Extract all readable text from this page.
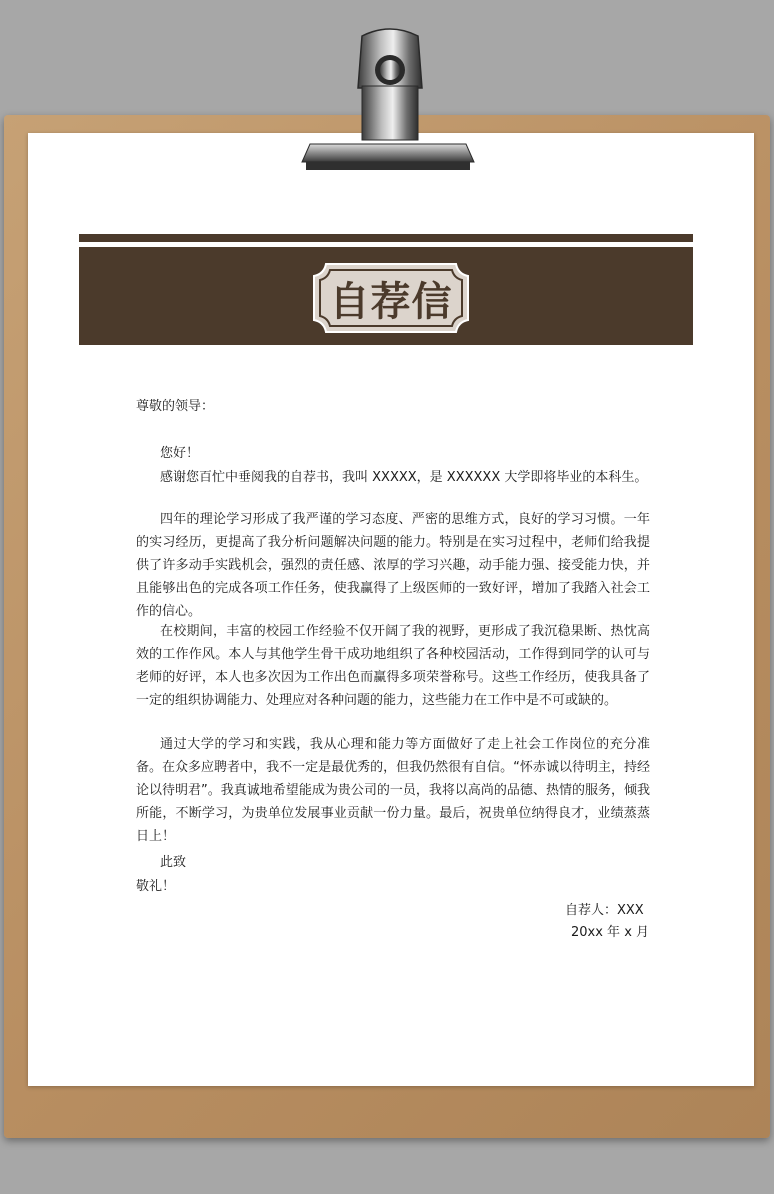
自荐信
尊敬的领导：
您好！
感谢您百忙中垂阅我的自荐书，我叫 XXXXX，是 XXXXXX 大学即将毕业的本科生。
四年的理论学习形成了我严谨的学习态度、严密的思维方式，良好的学习习惯。一年的实习经历，更提高了我分析问题解决问题的能力。特别是在实习过程中，老师们给我提供了许多动手实践机会，强烈的责任感、浓厚的学习兴趣，动手能力强、接受能力快，并且能够出色的完成各项工作任务，使我赢得了上级医师的一致好评，增加了我踏入社会工作的信心。
在校期间，丰富的校园工作经验不仅开阔了我的视野，更形成了我沉稳果断、热忱高效的工作作风。本人与其他学生骨干成功地组织了各种校园活动，工作得到同学的认可与老师的好评，本人也多次因为工作出色而赢得多项荣誉称号。这些工作经历，使我具备了一定的组织协调能力、处理应对各种问题的能力，这些能力在工作中是不可或缺的。
通过大学的学习和实践，我从心理和能力等方面做好了走上社会工作岗位的充分准备。在众多应聘者中，我不一定是最优秀的，但我仍然很有自信。“怀赤诚以待明主，持经论以待明君”。我真诚地希望能成为贵公司的一员，我将以高尚的品德、热情的服务，倾我所能，不断学习，为贵单位发展事业贡献一份力量。最后，祝贵单位纳得良才，业绩蒸蒸日上！
此致
敬礼！
自荐人：XXX
20xx 年 x 月
